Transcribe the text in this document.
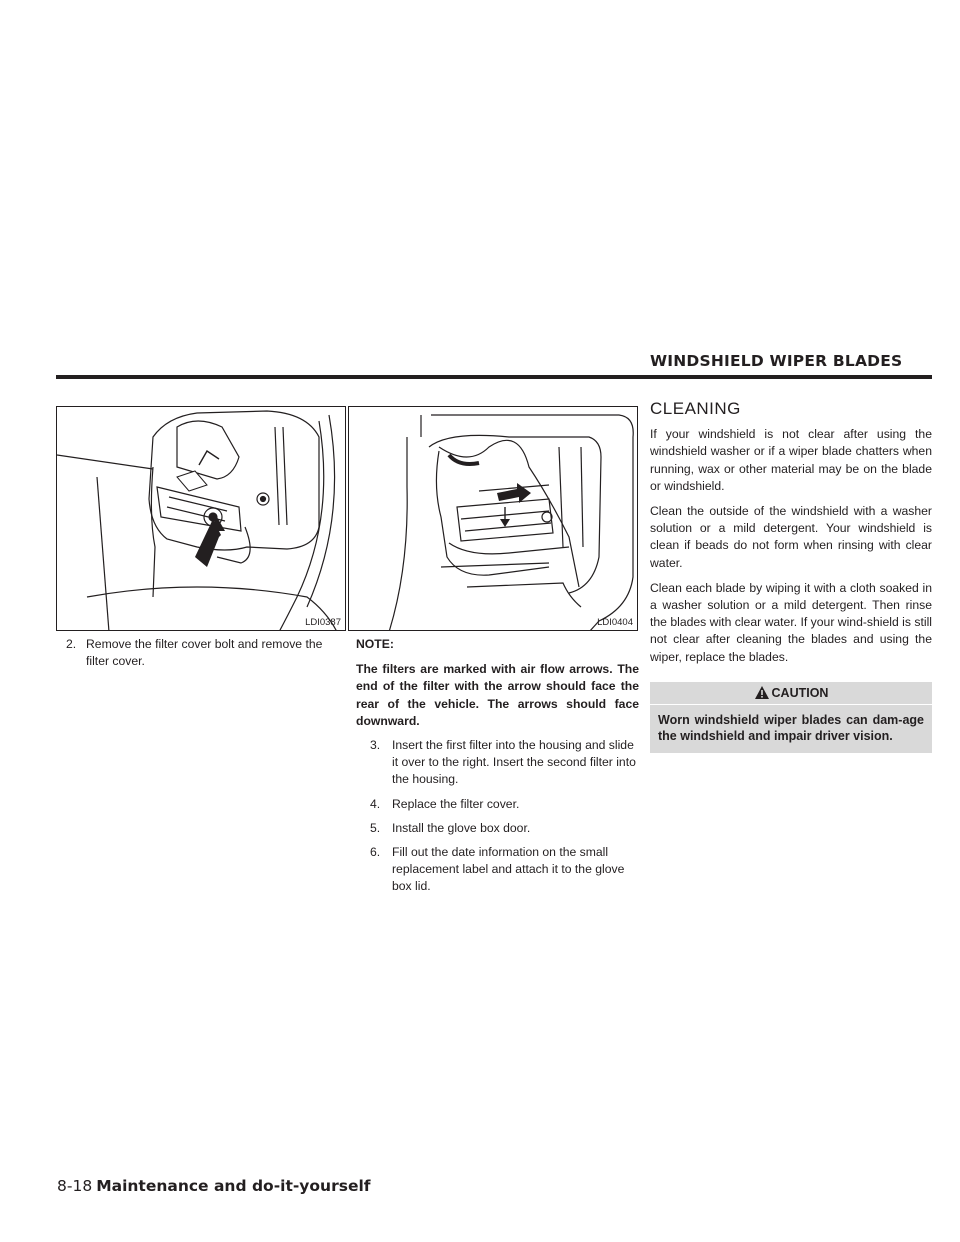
WINDSHIELD WIPER BLADES
LDI0387	LDI0404
2. Remove the filter cover bolt and remove the filter cover.
NOTE:
The filters are marked with air flow arrows. The end of the filter with the arrow should face the rear of the vehicle. The arrows should face downward.
3. Insert the first filter into the housing and slide it over to the right. Insert the second filter into the housing.
4. Replace the filter cover.
5. Install the glove box door.
6. Fill out the date information on the small replacement label and attach it to the glove box lid.
CLEANING

If your windshield is not clear after using the windshield washer or if a wiper blade chatters when running, wax or other material may be on the blade or windshield.

Clean the outside of the windshield with a washer solution or a mild detergent. Your windshield is clean if beads do not form when rinsing with clear water.

Clean each blade by wiping it with a cloth soaked in a washer solution or a mild detergent. Then rinse the blades with clear water. If your wind-shield is still not clear after cleaning the blades and using the wiper, replace the blades.

CAUTION
Worn windshield wiper blades can dam-age the windshield and impair driver vision.
8-18 Maintenance and do-it-yourself
